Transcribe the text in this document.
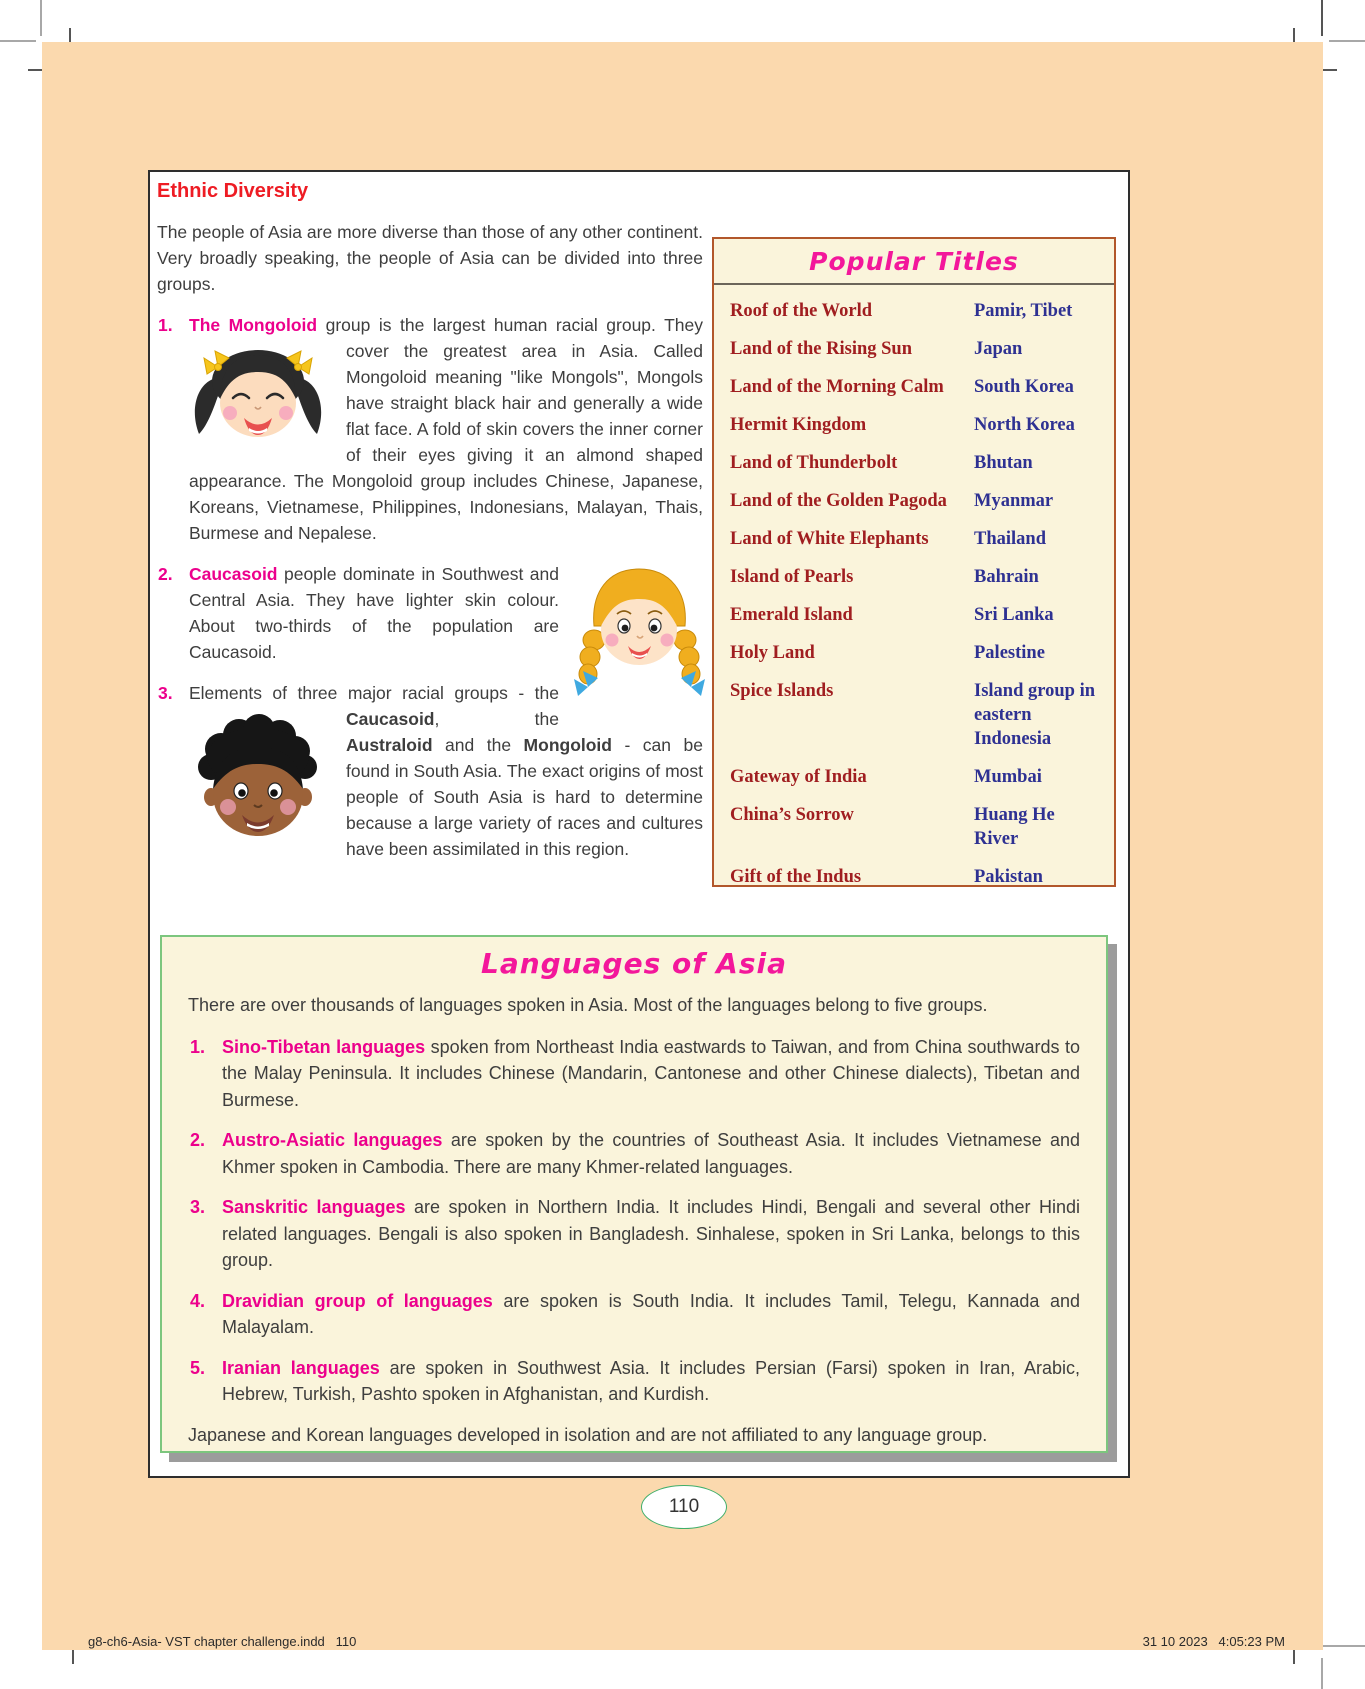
Ethnic Diversity

The people of Asia are more diverse than those of any other continent. Very broadly speaking, the people of Asia can be divided into three groups.

1. The Mongoloid group is the largest human racial group. They cover the greatest area in Asia. Called
Mongoloid meaning "like Mongols", Mongols have straight black hair and generally a wide flat face. A fold of skin covers the inner corner of their eyes giving it an almond shaped appearance. The Mongoloid group includes Chinese, Japanese, Koreans, Vietnamese, Philippines, Indonesians, Malayan, Thais, Burmese and Nepalese.

2. Caucasoid people dominate in Southwest and Central Asia. They have lighter skin colour. About two-thirds of the population are Caucasoid.

3. Elements of three major racial groups - the Caucasoid
, the Australoid and the Mongoloid - can be found in South Asia. The exact origins of most people of South Asia is hard to determine because a large variety of races and cultures have been assimilated in this region.

Popular Titles
Roof of the World	Pamir, Tibet
Land of the Rising Sun	Japan
Land of the Morning Calm	South Korea
Hermit Kingdom	North Korea
Land of Thunderbolt	Bhutan
Land of the Golden Pagoda	Myanmar
Land of White Elephants	Thailand
Island of Pearls	Bahrain
Emerald Island	Sri Lanka
Holy Land	Palestine
Spice Islands	Island group in eastern Indonesia
Gateway of India	Mumbai
China’s Sorrow	Huang He River
Gift of the Indus	Pakistan
Languages of Asia

There are over thousands of languages spoken in Asia. Most of the languages belong to five groups.

1. Sino-Tibetan languages spoken from Northeast India eastwards to Taiwan, and from China southwards to the Malay Peninsula. It includes Chinese (Mandarin, Cantonese and other Chinese dialects), Tibetan and Burmese.

2. Austro-Asiatic languages are spoken by the countries of Southeast Asia. It includes Vietnamese and Khmer spoken in Cambodia. There are many Khmer-related languages.

3. Sanskritic languages are spoken in Northern India. It includes Hindi, Bengali and several other Hindi related languages. Bengali is also spoken in Bangladesh. Sinhalese, spoken in Sri Lanka, belongs to this group.

4. Dravidian group of languages are spoken is South India. It includes Tamil, Telegu, Kannada and Malayalam.

5. Iranian languages are spoken in Southwest Asia. It includes Persian (Farsi) spoken in Iran, Arabic, Hebrew, Turkish, Pashto spoken in Afghanistan, and Kurdish.

Japanese and Korean languages developed in isolation and are not affiliated to any language group.

110
g8-ch6-Asia- VST chapter challenge.indd   110	31 10 2023   4:05:23 PM
